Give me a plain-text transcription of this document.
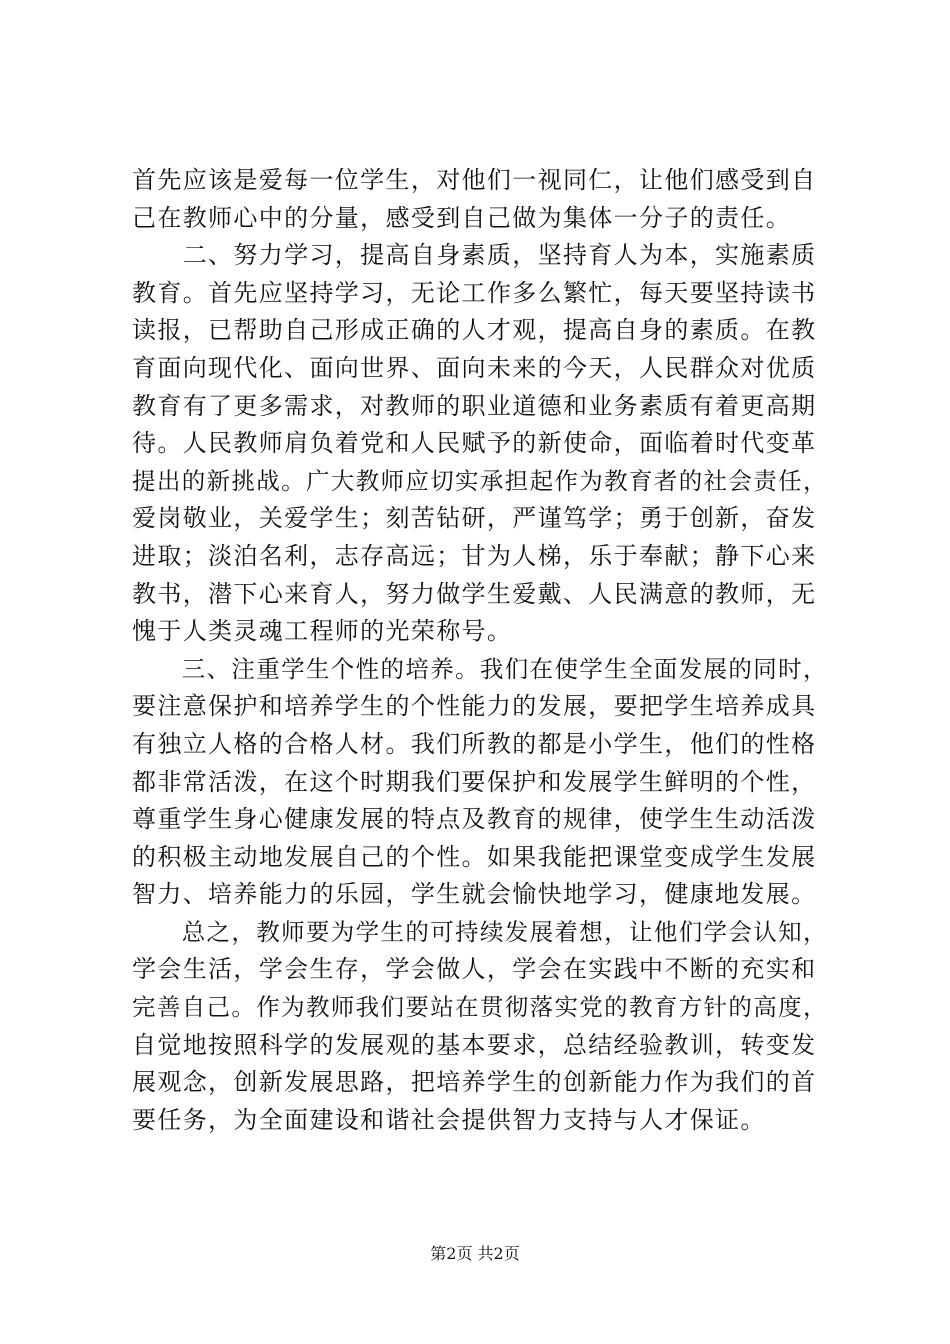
首先应该是爱每一位学生，对他们一视同仁，让他们感受到自
己在教师心中的分量，感受到自己做为集体一分子的责任。
　　二、努力学习，提高自身素质，坚持育人为本，实施素质
教育。首先应坚持学习，无论工作多么繁忙，每天要坚持读书
读报，已帮助自己形成正确的人才观，提高自身的素质。在教
育面向现代化、面向世界、面向未来的今天，人民群众对优质
教育有了更多需求，对教师的职业道德和业务素质有着更高期
待。人民教师肩负着党和人民赋予的新使命，面临着时代变革
提出的新挑战。广大教师应切实承担起作为教育者的社会责任，
爱岗敬业，关爱学生；刻苦钻研，严谨笃学；勇于创新，奋发
进取；淡泊名利，志存高远；甘为人梯，乐于奉献；静下心来
教书，潜下心来育人，努力做学生爱戴、人民满意的教师，无
愧于人类灵魂工程师的光荣称号。
　　三、注重学生个性的培养。我们在使学生全面发展的同时，
要注意保护和培养学生的个性能力的发展，要把学生培养成具
有独立人格的合格人材。我们所教的都是小学生，他们的性格
都非常活泼，在这个时期我们要保护和发展学生鲜明的个性，
尊重学生身心健康发展的特点及教育的规律，使学生生动活泼
的积极主动地发展自己的个性。如果我能把课堂变成学生发展
智力、培养能力的乐园，学生就会愉快地学习，健康地发展。
　　总之，教师要为学生的可持续发展着想，让他们学会认知，
学会生活，学会生存，学会做人，学会在实践中不断的充实和
完善自己。作为教师我们要站在贯彻落实党的教育方针的高度，
自觉地按照科学的发展观的基本要求，总结经验教训，转变发
展观念，创新发展思路，把培养学生的创新能力作为我们的首
要任务，为全面建设和谐社会提供智力支持与人才保证。
第2页 共2页
